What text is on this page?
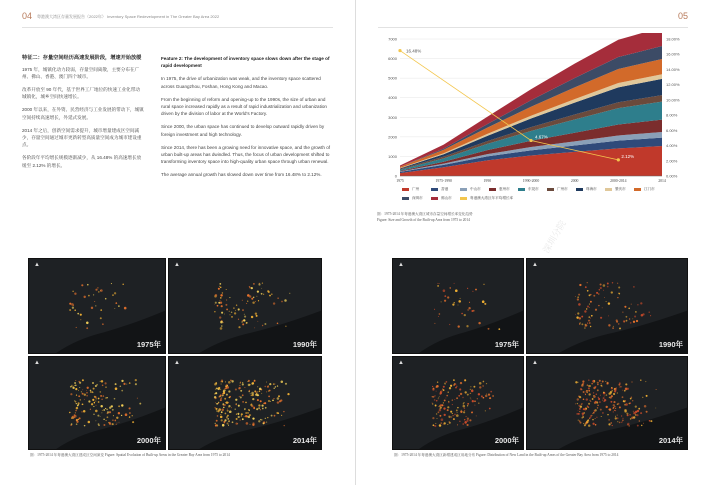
04 粤港澳大湾区存量发展报告（2022年） Inventory Space Redevelopment in The Greater Bay Area 2022

特征二：存量空间经历高速发展阶段，增速开始放缓

1975 年，城镇化动力较弱，存量空间离散，主要分布在广州、佛山、香港、澳门四个城市。

改革开放至 90 年代，基于世界工厂地位的快速工业化带动城镇化，城乡空间快速增长。

2000 年以来，在外资、民营经济与工业发展的带动下，城镇空间持续高速增长，外延式发展。

2014 年之后，创新空间需求提升，城市增量建成区空间减少，存量空间通过城市更新转型高质量空间成为城市建设重点。

各阶段年平均增长规模逐渐减少，从 16.48% 的高速增长放缓至 2.12% 的增长。

Feature 2: The development of inventory space slows down after the stage of rapid development

In 1975, the drive of urbanization was weak, and the inventory space scattered across Guangzhou, Foshan, Hong Kong and Macao.

From the beginning of reform and opening-up to the 1990s, the size of urban and rural space increased rapidly as a result of rapid industrialization and urbanization driven by the division of labor at the World's Factory.

Since 2000, the urban space has continued to develop outward rapidly driven by foreign investment and high technology.

Since 2014, there has been a growing need for innovative space, and the growth of urban built-up areas has dwindled. Thus, the focus of urban development shifted to transforming inventory space into high-quality urban space through urban renewal.

The average annual growth has slowed down over time from 16.48% to 2.12%.

▲
1975年
▲
1990年
▲
2000年
▲
2014年
图：1975-2014 年粤港澳大湾区建成区空间演变 Figure: Spatial Evolution of Built-up Areas in the Greater Bay Area from 1975 to 2014
05
0
1000
2000
3000
4000
5000
6000
7000
0.00%
2.00%
4.00%
6.00%
8.00%
10.00%
12.00%
14.00%
16.00%
18.00%
1975	1975-1990	1990	1990-2000	2000	2000-2014	2014
16.48%
4.67%
2.12%
广州	香港	中山市	惠州市	东莞市	广州市	珠海市	肇庆市	江门市
深圳市	佛山市	粤港澳大湾区年平均增长率
图：1975-2014 年粤港澳大湾区城市存量空间增长率变化趋势
Figure: Size and Growth of the Built-up Area from 1975 to 2014	深圳分院
▲
1975年
▲
1990年
▲
2000年
▲
2014年
图：1975-2014 年粤港澳大湾区新增建成区用地分布 Figure: Distribution of New Land in the Built-up Areas of the Greater Bay Area from 1975 to 2014
